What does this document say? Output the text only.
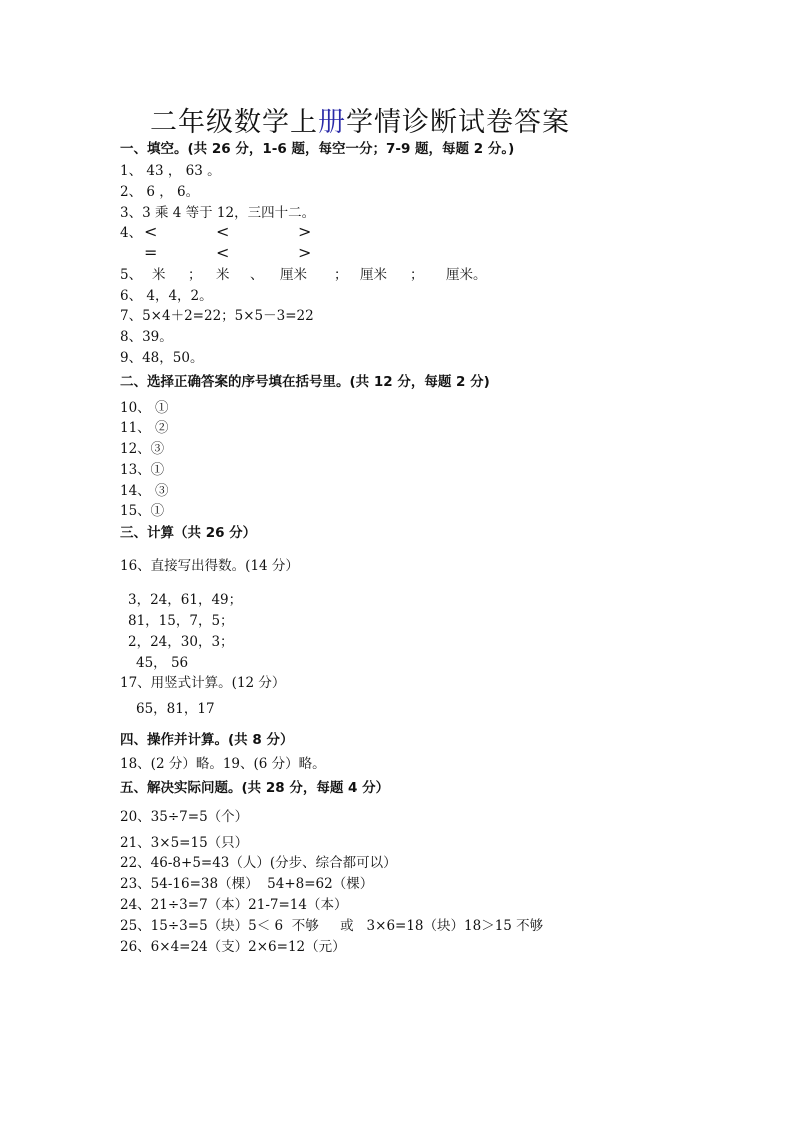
二年级数学上册学情诊断试卷答案
一、填空。(共 26 分，1-6 题，每空一分；7-9 题，每题 2 分。)
1、 43 ， 63 。
2、 6 ， 6。
3、3 乘 4 等于 12，三四十二。
4、 <	<	>
=	<	>
5、 米 ； 米 、 厘米 ； 厘米 ； 厘米。
6、 4，4，2。
7、5×4＋2=22；5×5－3=22
8、39。
9、48，50。
二、选择正确答案的序号填在括号里。(共 12 分，每题 2 分)
10、 ①
11、 ②
12、③
13、①
14、 ③
15、①
三、计算（共 26 分）
16、直接写出得数。(14 分）
3，24，61，49；
81，15，7，5；
2，24，30，3；
45， 56
17、用竖式计算。(12 分）
65，81，17
四、操作并计算。(共 8 分）
18、(2 分）略。19、(6 分）略。
五、解决实际问题。(共 28 分，每题 4 分）
20、35÷7=5（个）
21、3×5=15（只）
22、46-8+5=43（人）(分步、综合都可以）
23、54-16=38（棵）  54+8=62（棵）
24、21÷3=7（本）21-7=14（本）
25、15÷3=5（块）5＜ 6  不够     或   3×6=18（块）18＞15 不够
26、6×4=24（支）2×6=12（元）
